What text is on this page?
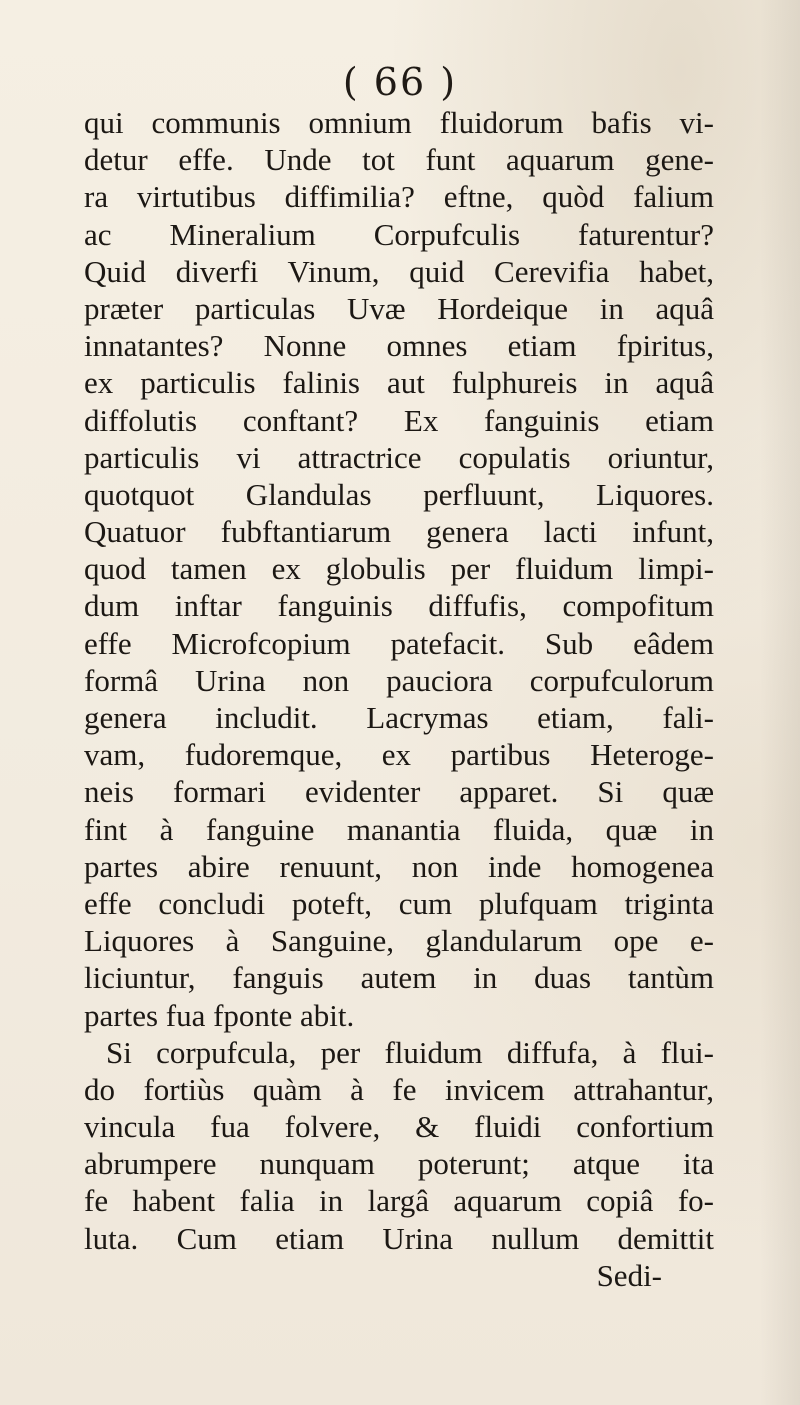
( 66 )
qui communis omnium fluidorum bafis vi-
detur effe. Unde tot funt aquarum gene-
ra virtutibus diffimilia? eftne, quòd falium
ac Mineralium Corpufculis faturentur?
Quid diverfi Vinum, quid Cerevifia habet,
præter particulas Uvæ Hordeique in aquâ
innatantes? Nonne omnes etiam fpiritus,
ex particulis falinis aut fulphureis in aquâ
diffolutis conftant? Ex fanguinis etiam
particulis vi attractrice copulatis oriuntur,
quotquot Glandulas perfluunt, Liquores.
Quatuor fubftantiarum genera lacti infunt,
quod tamen ex globulis per fluidum limpi-
dum inftar fanguinis diffufis, compofitum
effe Microfcopium patefacit. Sub eâdem
formâ Urina non pauciora corpufculorum
genera includit. Lacrymas etiam, fali-
vam, fudoremque, ex partibus Heteroge-
neis formari evidenter apparet. Si quæ
fint à fanguine manantia fluida, quæ in
partes abire renuunt, non inde homogenea
effe concludi poteft, cum plufquam triginta
Liquores à Sanguine, glandularum ope e-
liciuntur, fanguis autem in duas tantùm
partes fua fponte abit.
Si corpufcula, per fluidum diffufa, à flui-
do fortiùs quàm à fe invicem attrahantur,
vincula fua folvere, & fluidi confortium
abrumpere nunquam poterunt; atque ita
fe habent falia in largâ aquarum copiâ fo-
luta. Cum etiam Urina nullum demittit
Sedi-
